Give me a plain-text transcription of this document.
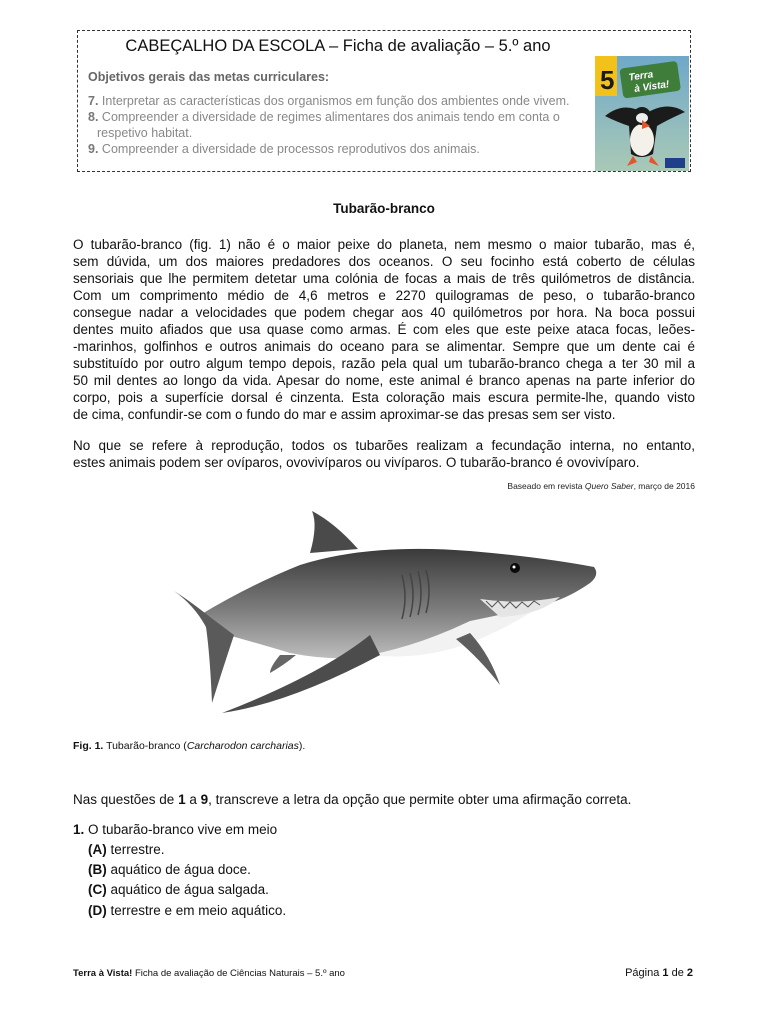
CABEÇALHO DA ESCOLA – Ficha de avaliação – 5.º ano
Objetivos gerais das metas curriculares:
7. Interpretar as características dos organismos em função dos ambientes onde vivem.
8. Compreender a diversidade de regimes alimentares dos animais tendo em conta o
respetivo habitat.
9. Compreender a diversidade de processos reprodutivos dos animais.
5 Terra
à Vista!
Tubarão-branco
O tubarão-branco (fig. 1) não é o maior peixe do planeta, nem mesmo o maior tubarão, mas é,
sem dúvida, um dos maiores predadores dos oceanos. O seu focinho está coberto de células
sensoriais que lhe permitem detetar uma colónia de focas a mais de três quilómetros de distância.
Com um comprimento médio de 4,6 metros e 2270 quilogramas de peso, o tubarão-branco
consegue nadar a velocidades que podem chegar aos 40 quilómetros por hora. Na boca possui
dentes muito afiados que usa quase como armas. É com eles que este peixe ataca focas, leões-
-marinhos, golfinhos e outros animais do oceano para se alimentar. Sempre que um dente cai é
substituído por outro algum tempo depois, razão pela qual um tubarão-branco chega a ter 30 mil a
50 mil dentes ao longo da vida. Apesar do nome, este animal é branco apenas na parte inferior do
corpo, pois a superfície dorsal é cinzenta. Esta coloração mais escura permite-lhe, quando visto
de cima, confundir-se com o fundo do mar e assim aproximar-se das presas sem ser visto.
No que se refere à reprodução, todos os tubarões realizam a fecundação interna, no entanto,
estes animais podem ser ovíparos, ovovivíparos ou vivíparos. O tubarão-branco é ovovivíparo.
Baseado em revista Quero Saber, março de 2016
Fig. 1. Tubarão-branco (Carcharodon carcharias).
Nas questões de 1 a 9, transcreve a letra da opção que permite obter uma afirmação correta.
1. O tubarão-branco vive em meio
(A) terrestre.
(B) aquático de água doce.
(C) aquático de água salgada.
(D) terrestre e em meio aquático.
Terra à Vista! Ficha de avaliação de Ciências Naturais – 5.º ano	Página 1 de 2
